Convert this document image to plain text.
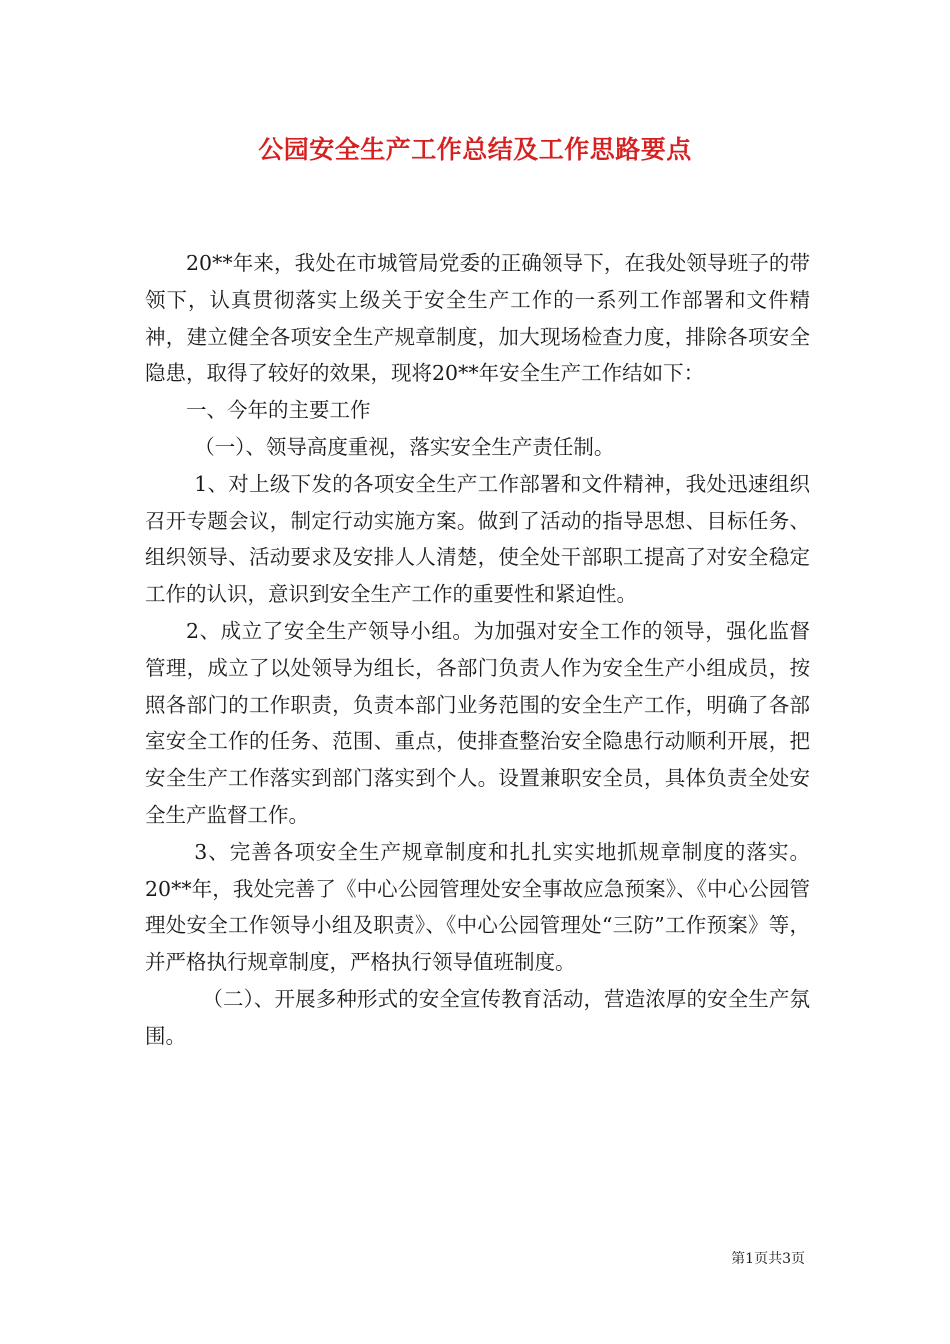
公园安全生产工作总结及工作思路要点

20**年来，我处在市城管局党委的正确领导下，在我处领导班子的带领下，认真贯彻落实上级关于安全生产工作的一系列工作部署和文件精神，建立健全各项安全生产规章制度，加大现场检查力度，排除各项安全隐患，取得了较好的效果，现将20**年安全生产工作结如下：

一、今年的主要工作

（一）、领导高度重视，落实安全生产责任制。

1、对上级下发的各项安全生产工作部署和文件精神，我处迅速组织召开专题会议，制定行动实施方案。做到了活动的指导思想、目标任务、组织领导、活动要求及安排人人清楚，使全处干部职工提高了对安全稳定工作的认识，意识到安全生产工作的重要性和紧迫性。

2、成立了安全生产领导小组。为加强对安全工作的领导，强化监督管理，成立了以处领导为组长，各部门负责人作为安全生产小组成员，按照各部门的工作职责，负责本部门业务范围的安全生产工作，明确了各部室安全工作的任务、范围、重点，使排查整治安全隐患行动顺利开展，把安全生产工作落实到部门落实到个人。设置兼职安全员，具体负责全处安全生产监督工作。

3、完善各项安全生产规章制度和扎扎实实地抓规章制度的落实。20**年，我处完善了《中心公园管理处安全事故应急预案》、《中心公园管理处安全工作领导小组及职责》、《中心公园管理处“三防”工作预案》等，并严格执行规章制度，严格执行领导值班制度。

（二）、开展多种形式的安全宣传教育活动，营造浓厚的安全生产氛围。

第1页共3页
